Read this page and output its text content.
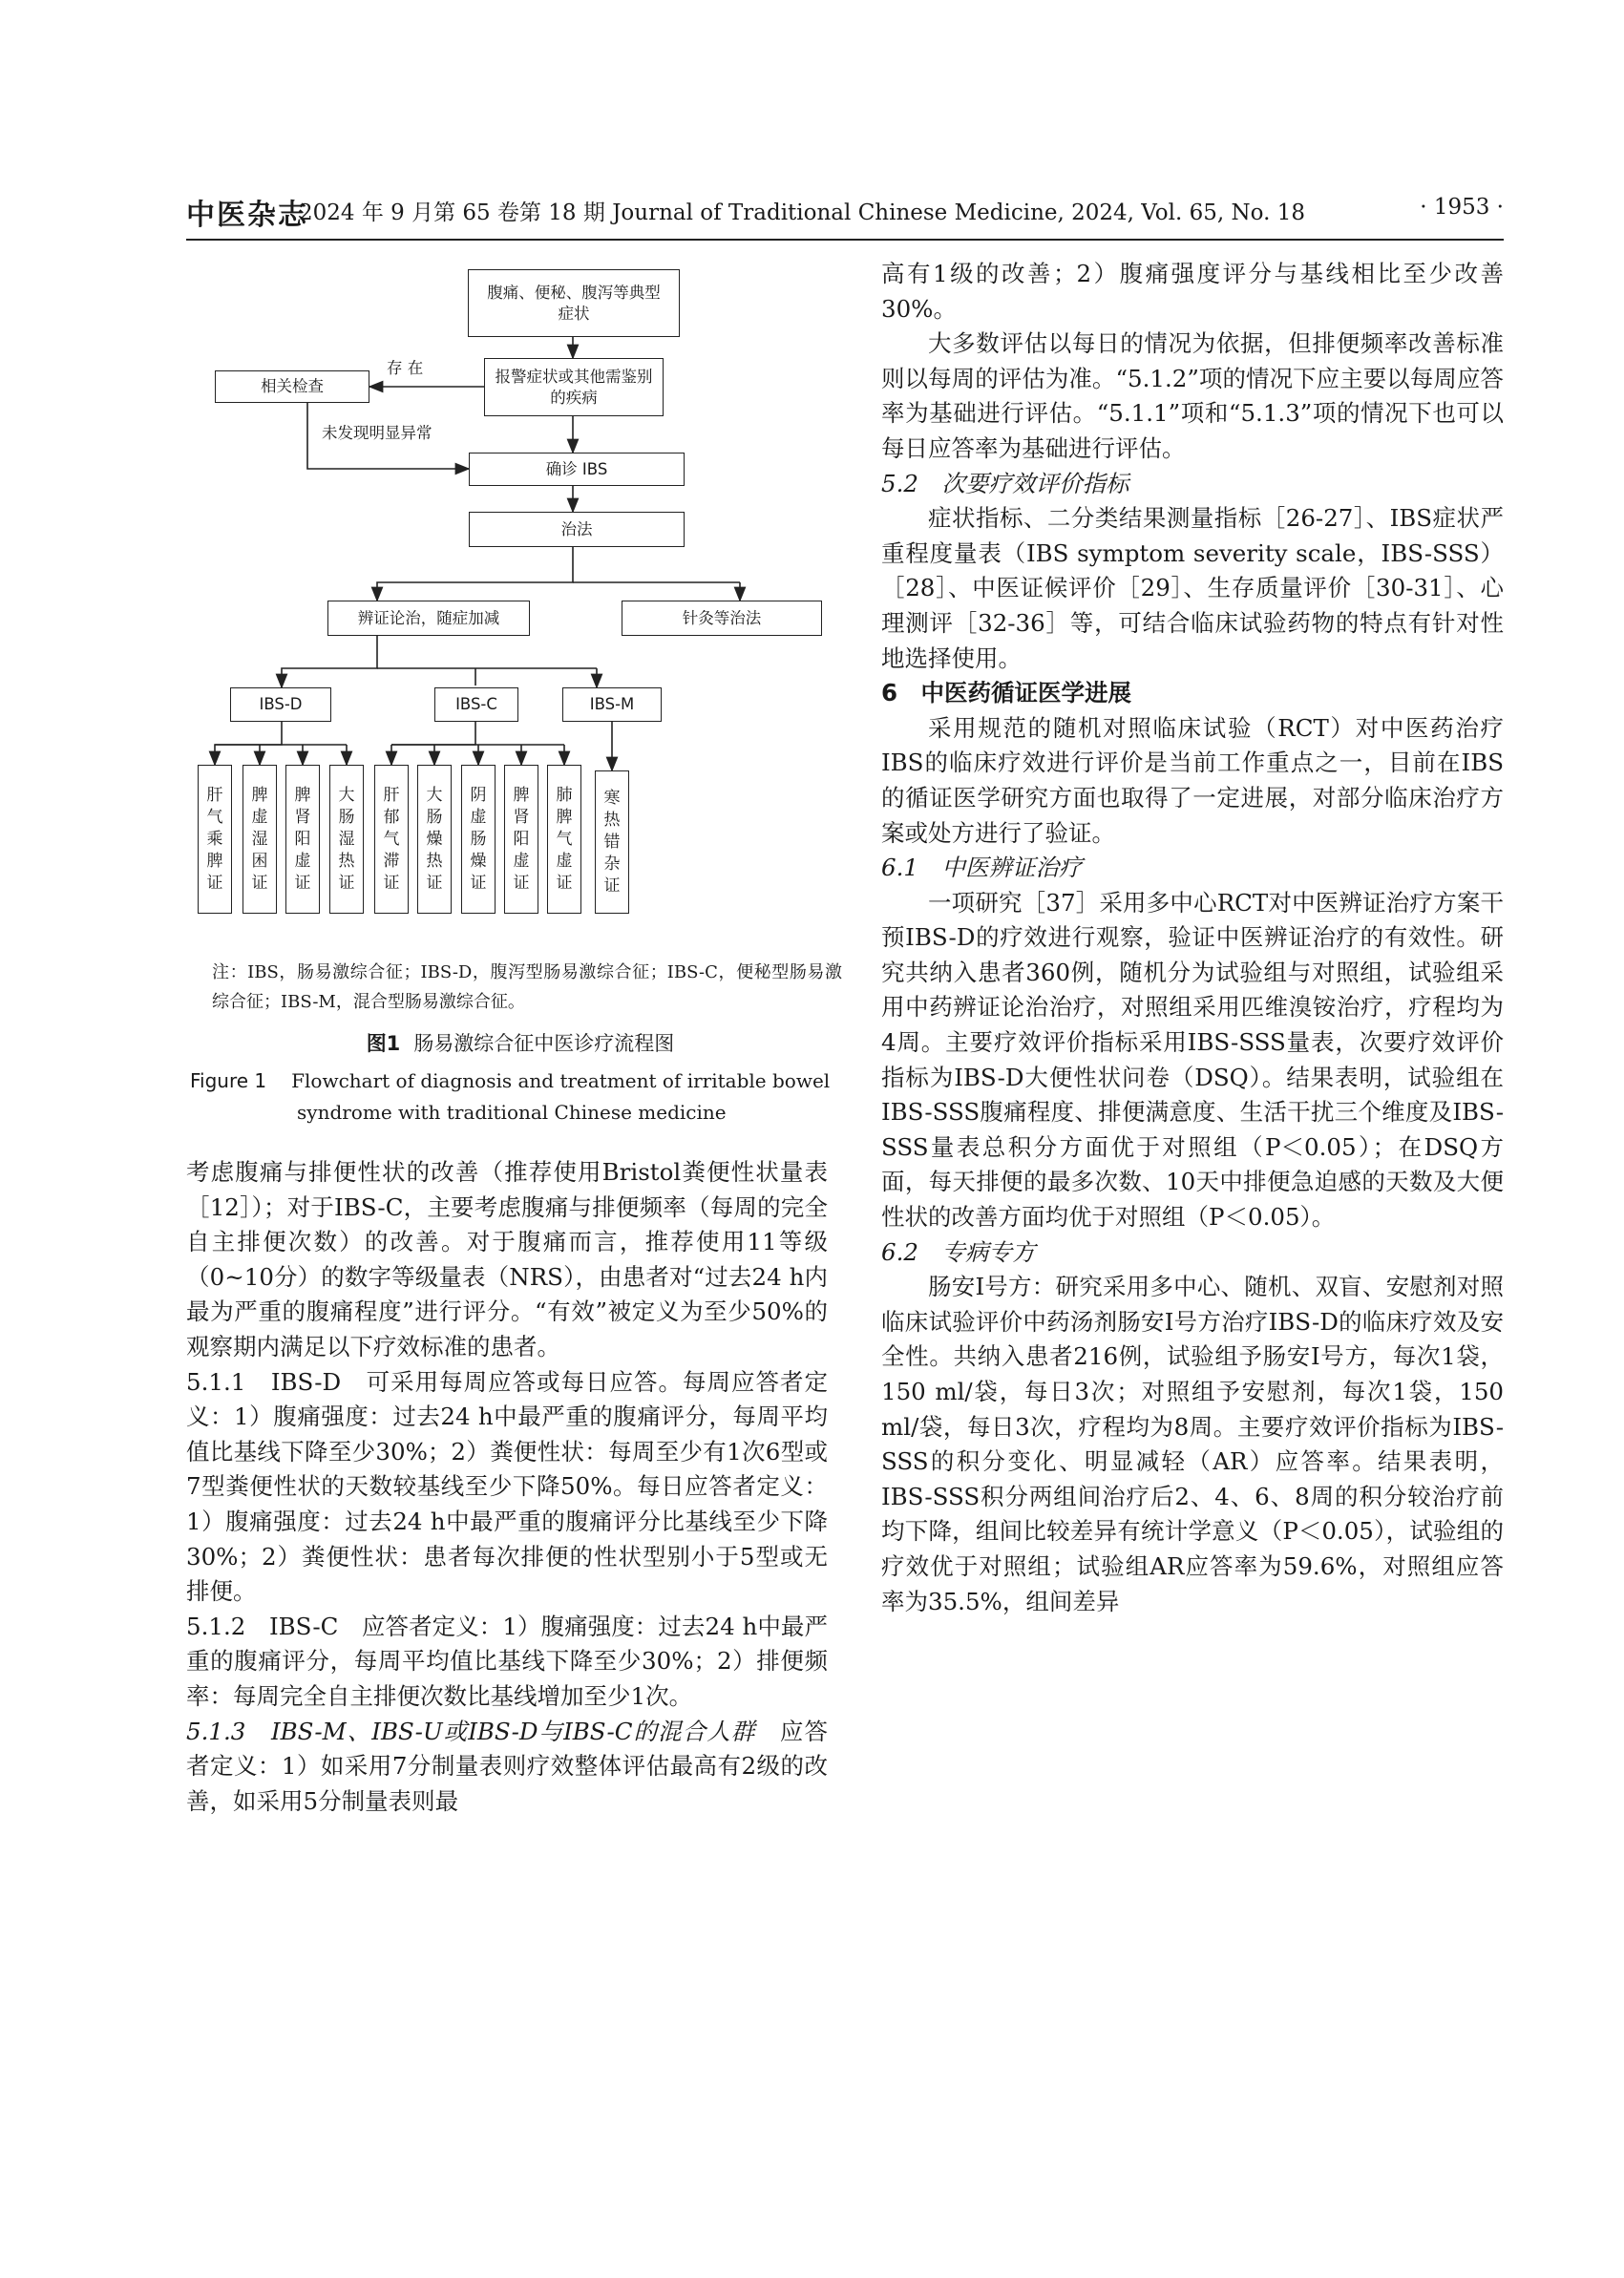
中医杂志
2024 年 9 月第 65 卷第 18 期 Journal of Traditional Chinese Medicine, 2024, Vol. 65, No. 18	· 1953 ·
腹痛、便秘、腹泻等典型症状
报警症状或其他需鉴别的疾病
相关检查
确诊 IBS
治法
辨证论治，随症加减	针灸等治法
IBS-D	IBS-C	IBS-M
存 在
未发现明显异常
肝气乘脾证
脾虚湿困证
脾肾阳虚证
大肠湿热证
肝郁气滞证
大肠燥热证
阴虚肠燥证
脾肾阳虚证
肺脾气虚证
寒热错杂证
注：IBS，肠易激综合征；IBS-D，腹泻型肠易激综合征；IBS-C，便秘型肠易激综合征；IBS-M，混合型肠易激综合征。
图1 肠易激综合征中医诊疗流程图
Figure 1 Flowchart of diagnosis and treatment of irritable bowel
syndrome with traditional Chinese medicine

考虑腹痛与排便性状的改善（推荐使用Bristol粪便性状量表［12］）；对于IBS-C，主要考虑腹痛与排便频率（每周的完全自主排便次数）的改善。对于腹痛而言，推荐使用11等级（0~10分）的数字等级量表（NRS），由患者对“过去24 h内最为严重的腹痛程度”进行评分。“有效”被定义为至少50%的观察期内满足以下疗效标准的患者。

5.1.1　IBS-D　可采用每周应答或每日应答。每周应答者定义：1）腹痛强度：过去24 h中最严重的腹痛评分，每周平均值比基线下降至少30%；2）粪便性状：每周至少有1次6型或7型粪便性状的天数较基线至少下降50%。每日应答者定义：1）腹痛强度：过去24 h中最严重的腹痛评分比基线至少下降30%；2）粪便性状：患者每次排便的性状型别小于5型或无排便。

5.1.2　IBS-C　应答者定义：1）腹痛强度：过去24 h中最严重的腹痛评分，每周平均值比基线下降至少30%；2）排便频率：每周完全自主排便次数比基线增加至少1次。

5.1.3　IBS-M、IBS-U或IBS-D与IBS-C的混合人群　应答者定义：1）如采用7分制量表则疗效整体评估最高有2级的改善，如采用5分制量表则最

高有1级的改善；2）腹痛强度评分与基线相比至少改善30%。

大多数评估以每日的情况为依据，但排便频率改善标准则以每周的评估为准。“5.1.2”项的情况下应主要以每周应答率为基础进行评估。“5.1.1”项和“5.1.3”项的情况下也可以每日应答率为基础进行评估。

5.2　次要疗效评价指标

症状指标、二分类结果测量指标［26-27］、IBS症状严重程度量表（IBS symptom severity scale，IBS-SSS）［28］、中医证候评价［29］、生存质量评价［30-31］、心理测评［32-36］等，可结合临床试验药物的特点有针对性地选择使用。

6　中医药循证医学进展

采用规范的随机对照临床试验（RCT）对中医药治疗IBS的临床疗效进行评价是当前工作重点之一，目前在IBS的循证医学研究方面也取得了一定进展，对部分临床治疗方案或处方进行了验证。

6.1　中医辨证治疗

一项研究［37］采用多中心RCT对中医辨证治疗方案干预IBS-D的疗效进行观察，验证中医辨证治疗的有效性。研究共纳入患者360例，随机分为试验组与对照组，试验组采用中药辨证论治治疗，对照组采用匹维溴铵治疗，疗程均为4周。主要疗效评价指标采用IBS-SSS量表，次要疗效评价指标为IBS-D大便性状问卷（DSQ）。结果表明，试验组在IBS-SSS腹痛程度、排便满意度、生活干扰三个维度及IBS-SSS量表总积分方面优于对照组（P＜0.05）；在DSQ方面，每天排便的最多次数、10天中排便急迫感的天数及大便性状的改善方面均优于对照组（P＜0.05）。

6.2　专病专方

肠安Ⅰ号方：研究采用多中心、随机、双盲、安慰剂对照临床试验评价中药汤剂肠安Ⅰ号方治疗IBS-D的临床疗效及安全性。共纳入患者216例，试验组予肠安Ⅰ号方，每次1袋，150 ml/袋，每日3次；对照组予安慰剂，每次1袋，150 ml/袋，每日3次，疗程均为8周。主要疗效评价指标为IBS-SSS的积分变化、明显减轻（AR）应答率。结果表明，IBS-SSS积分两组间治疗后2、4、6、8周的积分较治疗前均下降，组间比较差异有统计学意义（P＜0.05），试验组的疗效优于对照组；试验组AR应答率为59.6%，对照组应答率为35.5%，组间差异
